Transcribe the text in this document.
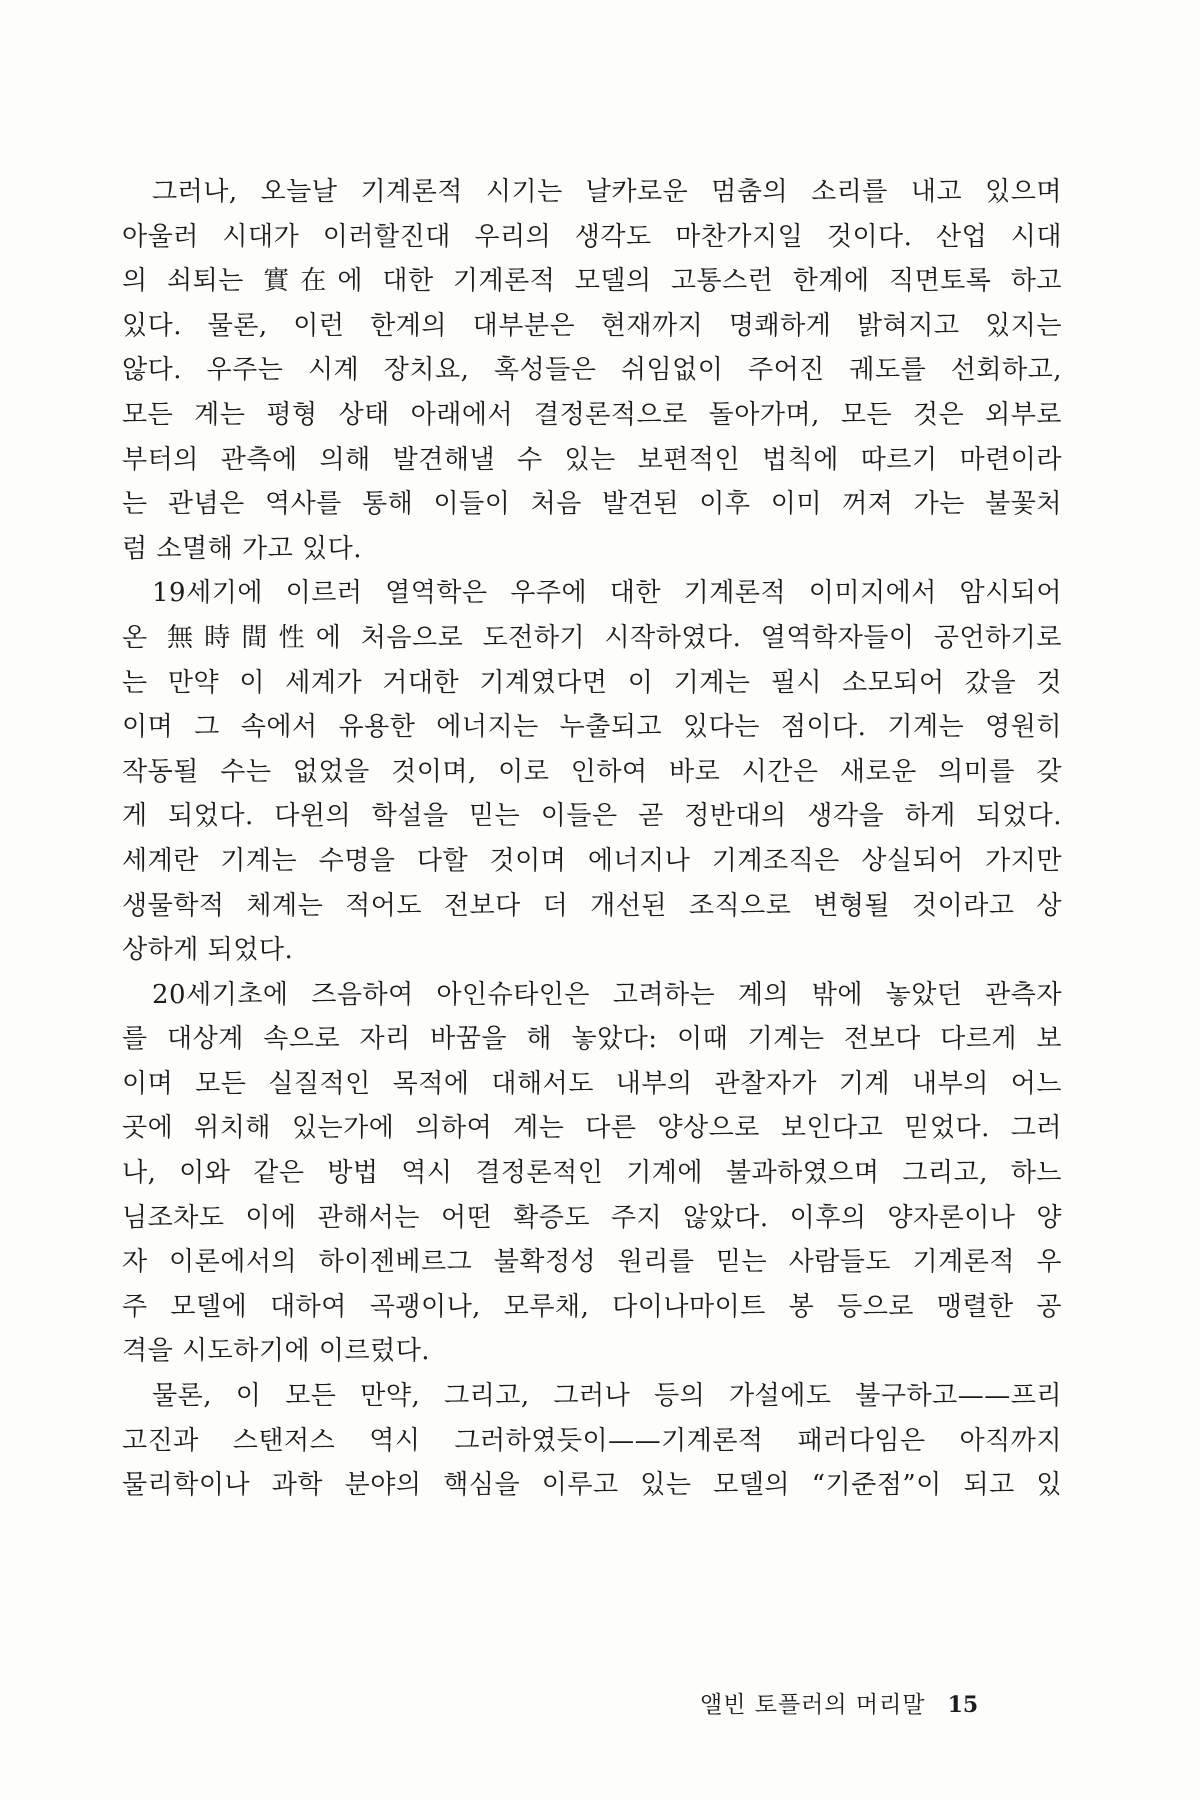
그러나, 오늘날 기계론적 시기는 날카로운 멈춤의 소리를 내고 있으며
아울러 시대가 이러할진대 우리의 생각도 마찬가지일 것이다. 산업 시대
의 쇠퇴는 實在에 대한 기계론적 모델의 고통스런 한계에 직면토록 하고
있다. 물론, 이런 한계의 대부분은 현재까지 명쾌하게 밝혀지고 있지는
않다. 우주는 시계 장치요, 혹성들은 쉬임없이 주어진 궤도를 선회하고,
모든 계는 평형 상태 아래에서 결정론적으로 돌아가며, 모든 것은 외부로
부터의 관측에 의해 발견해낼 수 있는 보편적인 법칙에 따르기 마련이라
는 관념은 역사를 통해 이들이 처음 발견된 이후 이미 꺼져 가는 불꽃처
럼 소멸해 가고 있다.
19세기에 이르러 열역학은 우주에 대한 기계론적 이미지에서 암시되어
온 無時間性에 처음으로 도전하기 시작하였다. 열역학자들이 공언하기로
는 만약 이 세계가 거대한 기계였다면 이 기계는 필시 소모되어 갔을 것
이며 그 속에서 유용한 에너지는 누출되고 있다는 점이다. 기계는 영원히
작동될 수는 없었을 것이며, 이로 인하여 바로 시간은 새로운 의미를 갖
게 되었다. 다윈의 학설을 믿는 이들은 곧 정반대의 생각을 하게 되었다.
세계란 기계는 수명을 다할 것이며 에너지나 기계조직은 상실되어 가지만
생물학적 체계는 적어도 전보다 더 개선된 조직으로 변형될 것이라고 상
상하게 되었다.
20세기초에 즈음하여 아인슈타인은 고려하는 계의 밖에 놓았던 관측자
를 대상계 속으로 자리 바꿈을 해 놓았다: 이때 기계는 전보다 다르게 보
이며 모든 실질적인 목적에 대해서도 내부의 관찰자가 기계 내부의 어느
곳에 위치해 있는가에 의하여 계는 다른 양상으로 보인다고 믿었다. 그러
나, 이와 같은 방법 역시 결정론적인 기계에 불과하였으며 그리고, 하느
님조차도 이에 관해서는 어떤 확증도 주지 않았다. 이후의 양자론이나 양
자 이론에서의 하이젠베르그 불확정성 원리를 믿는 사람들도 기계론적 우
주 모델에 대하여 곡괭이나, 모루채, 다이나마이트 봉 등으로 맹렬한 공
격을 시도하기에 이르렀다.
물론, 이 모든 만약, 그리고, 그러나 등의 가설에도 불구하고——프리
고진과 스탠저스 역시 그러하였듯이——기계론적 패러다임은 아직까지
물리학이나 과학 분야의 핵심을 이루고 있는 모델의 “기준점”이 되고 있
앨빈 토플러의 머리말 15
